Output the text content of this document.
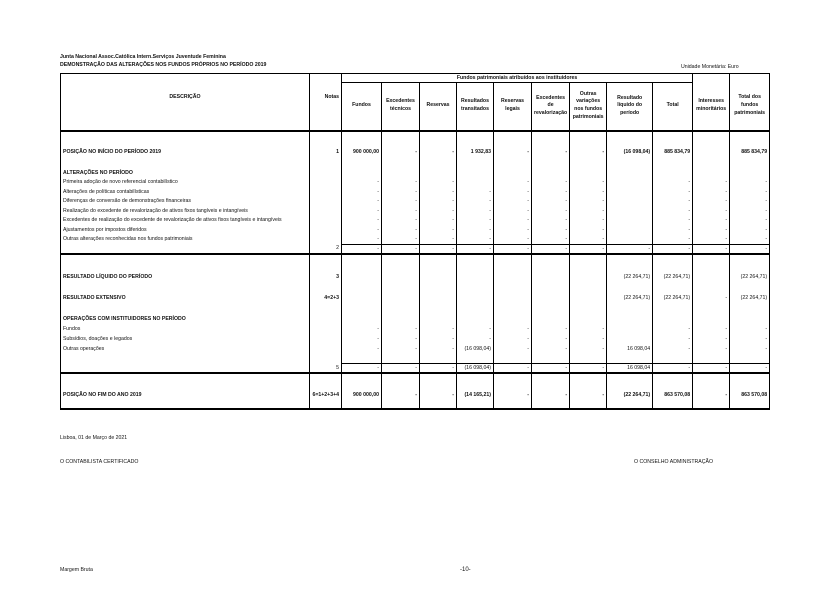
Junta Nacional Assoc.Católica Intern.Serviços Juventude Feminina
DEMONSTRAÇÃO DAS ALTERAÇÕES NOS FUNDOS PRÓPRIOS NO PERÍODO 2019	Unidade Monetária: Euro
		Fundos patrimoniais atribuídos aos instituidores										
DESCRIÇÃO	Notas	Fundos	Excedentes técnicos	Reservas	Resultados transitados	Reservas legais	Excedentes de revalorização	Outras variações nos fundos patrimoniais	Resultado líquido do período	Total	Interesses minoritários	Total dos fundos patrimoniais

POSIÇÃO NO INÍCIO DO PERÍODO 2019	1	900 000,00	-	-	1 932,83	-	-	-	(16 098,04)	885 834,79		885 834,79

ALTERAÇÕES NO PERÍODO												
Primeira adoção de novo referencial contabilístico		-	-	-		-	-	-		-	-	-
Alterações de políticas contabilísticas		-	-	-	-	-	-	-		-	-	-
Diferenças de conversão de demonstrações financeiras		-	-	-	-	-	-	-		-	-	-
Realização do excedente de revalorização de ativos fixos tangíveis e intangíveis		-	-	-	-	-	-	-		-	-	-
Excedentes de realização do excedente de revalorização de ativos fixos tangíveis e intangíveis		-	-	-	-	-	-	-		-	-	-
Ajustamentos por impostos diferidos		-	-	-	-	-	-	-		-	-	-
Outras alterações reconhecidas nos fundos patrimoniais		-	-	-	-	-	-	-		-	-	-
	2	-	-	-	-	-	-	-	-	-	-	-

RESULTADO LÍQUIDO DO PERÍODO	3								(22 264,71)	(22 264,71)		(22 264,71)

RESULTADO EXTENSIVO	4=2+3								(22 264,71)	(22 264,71)	-	(22 264,71)

OPERAÇÕES COM INSTITUIDORES NO PERÍODO												
Fundos		-	-	-	-	-	-	-		-	-	-
Subsídios, doações e legados		-	-	-	-	-	-	-		-	-	-
Outras operações		-	-	-	(16 098,04)	-	-	-	16 098,04	-	-	-

	5	-	-	-	(16 098,04)	-	-	-	16 098,04	-	-	-

POSIÇÃO NO FIM DO ANO 2019	6=1+2+3+4	900 000,00	-	-	(14 165,21)	-	-	-	(22 264,71)	863 570,08	-	863 570,08

Lisboa, 01 de Março de 2021
O CONTABILISTA CERTIFICADO	O CONSELHO ADMINISTRAÇÃO
Margem Bruta	-10-
